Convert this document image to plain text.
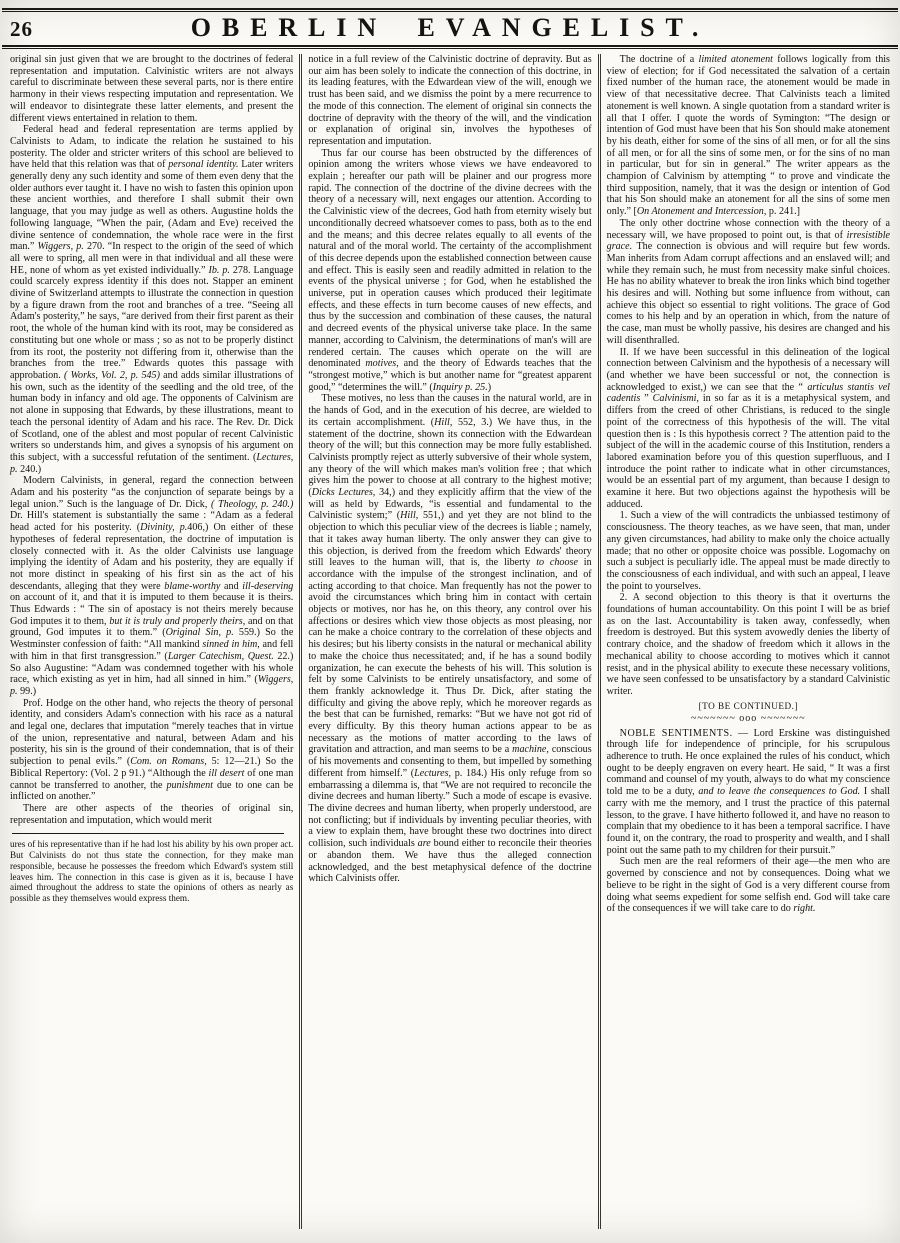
26	OBERLIN EVANGELIST.

original sin just given that we are brought to the doctrines of federal representation and imputation. Calvinistic writers are not always careful to discriminate between these several parts, nor is there entire harmony in their views respecting imputation and representation. We will endeavor to disintegrate these latter elements, and present the different views entertained in relation to them.

Federal head and federal representation are terms applied by Calvinists to Adam, to indicate the relation he sustained to his posterity. The older and stricter writers of this school are believed to have held that this relation was that of personal identity. Later writers generally deny any such identity and some of them even deny that the older authors ever taught it. I have no wish to fasten this opinion upon these ancient worthies, and therefore I shall submit their own language, that you may judge as well as others. Augustine holds the following language, “When the pair, (Adam and Eve) received the divine sentence of condemnation, the whole race were in the first man.” Wiggers, p. 270. “In respect to the origin of the seed of which all were to spring, all men were in that individual and all these were HE, none of whom as yet existed individually.” Ib. p. 278. Language could scarcely express identity if this does not. Stapper an eminent divine of Switzerland attempts to illustrate the connection in question by a figure drawn from the root and branches of a tree. “Seeing all Adam's posterity,” he says, “are derived from their first parent as their root, the whole of the human kind with its root, may be considered as constituting but one whole or mass ; so as not to be properly distinct from its root, the posterity not differing from it, otherwise than the branches from the tree.” Edwards quotes this passage with approbation. ( Works, Vol. 2, p. 545) and adds similar illustrations of his own, such as the identity of the seedling and the old tree, of the human body in infancy and old age. The opponents of Calvinism are not alone in supposing that Edwards, by these illustrations, meant to teach the personal identity of Adam and his race. The Rev. Dr. Dick of Scotland, one of the ablest and most popular of recent Calvinistic writers so understands him, and gives a synopsis of his argument on this subject, with a successful refutation of the sentiment. (Lectures, p. 240.)

Modern Calvinists, in general, regard the connection between Adam and his posterity “as the conjunction of separate beings by a legal union.” Such is the language of Dr. Dick, ( Theology, p. 240.) Dr. Hill's statement is substantially the same : “Adam as a federal head acted for his posterity. (Divinity, p.406,) On either of these hypotheses of federal representation, the doctrine of imputation is closely connected with it. As the older Calvinists use language implying the identity of Adam and his posterity, they are equally if not more distinct in speaking of his first sin as the act of his descendants, alleging that they were blame-worthy and ill-deserving on account of it, and that it is imputed to them because it is theirs. Thus Edwards : “ The sin of apostacy is not theirs merely because God imputes it to them, but it is truly and properly theirs, and on that ground, God imputes it to them.” (Original Sin, p. 559.) So the Westminster confession of faith: “All mankind sinned in him, and fell with him in that first transgression.” (Larger Catechism, Quest. 22.) So also Augustine: “Adam was condemned together with his whole race, which existing as yet in him, had all sinned in him.” (Wiggers, p. 99.)

Prof. Hodge on the other hand, who rejects the theory of personal identity, and considers Adam's connection with his race as a natural and legal one, declares that imputation “merely teaches that in virtue of the union, representative and natural, between Adam and his posterity, his sin is the ground of their condemnation, that is of their subjection to penal evils.” (Com. on Romans, 5: 12—21.) So the Biblical Repertory: (Vol. 2 p 91.) “Although the ill desert of one man cannot be transferred to another, the punishment due to one can be inflicted on another.”

There are other aspects of the theories of original sin, representation and imputation, which would merit

ures of his representative than if he had lost his ability by his own proper act. But Calvinists do not thus state the connection, for they make man responsible, because he possesses the freedom which Edward's system still leaves him. The connection in this case is given as it is, because I have aimed throughout the address to state the opinions of others as nearly as possible as they themselves would express them.

notice in a full review of the Calvinistic doctrine of depravity. But as our aim has been solely to indicate the connection of this doctrine, in its leading features, with the Edwardean view of the will, enough we trust has been said, and we dismiss the point by a mere recurrence to the mode of this connection. The element of original sin connects the doctrine of depravity with the theory of the will, and the vindication or explanation of original sin, involves the hypotheses of representation and imputation.

Thus far our course has been obstructed by the differences of opinion among the writers whose views we have endeavored to explain ; hereafter our path will be plainer and our progress more rapid. The connection of the doctrine of the divine decrees with the theory of a necessary will, next engages our attention. According to the Calvinistic view of the decrees, God hath from eternity wisely but unconditionally decreed whatsoever comes to pass, both as to the end and the means; and this decree relates equally to all events of the natural and of the moral world. The certainty of the accomplishment of this decree depends upon the established connection between cause and effect. This is easily seen and readily admitted in relation to the events of the physical universe ; for God, when he established the universe, put in operation causes which produced their legitimate effects, and these effects in turn become causes of new effects, and thus by the succession and combination of these causes, the natural and decreed events of the physical universe take place. In the same manner, according to Calvinism, the determinations of man's will are rendered certain. The causes which operate on the will are denominated motives, and the theory of Edwards teaches that the “strongest motive,” which is but another name for “greatest apparent good,” “determines the will.” (Inquiry p. 25.)

These motives, no less than the causes in the natural world, are in the hands of God, and in the execution of his decree, are wielded to its certain accomplishment. (Hill, 552, 3.) We have thus, in the statement of the doctrine, shown its connection with the Edwardean theory of the will; but this connection may be more fully established. Calvinists promptly reject as utterly subversive of their whole system, any theory of the will which makes man's volition free ; that which gives him the power to choose at all contrary to the highest motive; (Dicks Lectures, 34,) and they explicitly affirm that the view of the will as held by Edwards, “is essential and fundamental to the Calvinistic system;” (Hill, 551,) and yet they are not blind to the objection to which this peculiar view of the decrees is liable ; namely, that it takes away human liberty. The only answer they can give to this objection, is derived from the freedom which Edwards' theory still leaves to the human will, that is, the liberty to choose in accordance with the impulse of the strongest inclination, and of acting according to that choice. Man frequently has not the power to avoid the circumstances which bring him in contact with certain objects or motives, nor has he, on this theory, any control over his affections or desires which view those objects as most pleasing, nor can he make a choice contrary to the correlation of these objects and his desires; but his liberty consists in the natural or mechanical ability to make the choice thus necessitated; and, if he has a sound bodily organization, he can execute the behests of his will. This solution is felt by some Calvinists to be entirely unsatisfactory, and some of them frankly acknowledge it. Thus Dr. Dick, after stating the difficulty and giving the above reply, which he moreover regards as the best that can be furnished, remarks: “But we have not got rid of every difficulty. By this theory human actions appear to be as necessary as the motions of matter according to the laws of gravitation and attraction, and man seems to be a machine, conscious of his movements and consenting to them, but impelled by something different from himself.” (Lectures, p. 184.) His only refuge from so embarrassing a dilemma is, that “We are not required to reconcile the divine decrees and human liberty.” Such a mode of escape is evasive. The divine decrees and human liberty, when properly understood, are not conflicting; but if individuals by inventing peculiar theories, with a view to explain them, have brought these two doctrines into direct collision, such individuals are bound either to reconcile their theories or abandon them. We have thus the alleged connection acknowledged, and the best metaphysical defence of the doctrine which Calvinists offer.

The doctrine of a limited atonement follows logically from this view of election; for if God necessitated the salvation of a certain fixed number of the human race, the atonement would be made in view of that necessitative decree. That Calvinists teach a limited atonement is well known. A single quotation from a standard writer is all that I offer. I quote the words of Symington: “The design or intention of God must have been that his Son should make atonement by his death, either for some of the sins of all men, or for all the sins of all men, or for all the sins of some men, or for the sins of no man in particular, but for sin in general.” The writer appears as the champion of Calvinism by attempting “ to prove and vindicate the third supposition, namely, that it was the design or intention of God that his Son should make an atonement for all the sins of some men only.” [On Atonement and Intercession, p. 241.]

The only other doctrine whose connection with the theory of a necessary will, we have proposed to point out, is that of irresistible grace. The connection is obvious and will require but few words. Man inherits from Adam corrupt affections and an enslaved will; and while they remain such, he must from necessity make sinful choices. He has no ability whatever to break the iron links which bind together his desires and will. Nothing but some influence from without, can achieve this object so essential to right volitions. The grace of God comes to his help and by an operation in which, from the nature of the case, man must be wholly passive, his desires are changed and his will disenthralled.

II. If we have been successful in this delineation of the logical connection between Calvinism and the hypothesis of a necessary will (and whether we have been successful or not, the connection is acknowledged to exist,) we can see that the “ articulus stantis vel cadentis ” Calvinismi, in so far as it is a metaphysical system, and differs from the creed of other Christians, is reduced to the single point of the correctness of this hypothesis of the will. The vital question then is : Is this hypothesis correct ? The attention paid to the subject of the will in the academic course of this Institution, renders a labored examination before you of this question superfluous, and I introduce the point rather to indicate what in other circumstances, would be an essential part of my argument, than because I design to examine it here. But two objections against the hypothesis will be adduced.

1. Such a view of the will contradicts the unbiassed testimony of consciousness. The theory teaches, as we have seen, that man, under any given circumstances, had ability to make only the choice actually made; that no other or opposite choice was possible. Logomachy on such a subject is peculiarly idle. The appeal must be made directly to the consciousness of each individual, and with such an appeal, I leave the point to yourselves.

2. A second objection to this theory is that it overturns the foundations of human accountability. On this point I will be as brief as on the last. Accountability is taken away, confessedly, when freedom is destroyed. But this system avowedly denies the liberty of contrary choice, and the shadow of freedom which it allows in the mechanical ability to choose according to motives which it cannot resist, and in the physical ability to execute these necessary volitions, we have seen confessed to be unsatisfactory by a standard Calvinistic writer.

[TO BE CONTINUED.]
~~~~~~~ ooo ~~~~~~~

NOBLE SENTIMENTS. — Lord Erskine was distinguished through life for independence of principle, for his scrupulous adherence to truth. He once explained the rules of his conduct, which ought to be deeply engraven on every heart. He said, “ It was a first command and counsel of my youth, always to do what my conscience told me to be a duty, and to leave the consequences to God. I shall carry with me the memory, and I trust the practice of this paternal lesson, to the grave. I have hitherto followed it, and have no reason to complain that my obedience to it has been a temporal sacrifice. I have found it, on the contrary, the road to prosperity and wealth, and I shall point out the same path to my children for their pursuit.”

Such men are the real reformers of their age—the men who are governed by conscience and not by consequences. Doing what we believe to be right in the sight of God is a very different course from doing what seems expedient for some selfish end. God will take care of the consequences if we will take care to do right.
